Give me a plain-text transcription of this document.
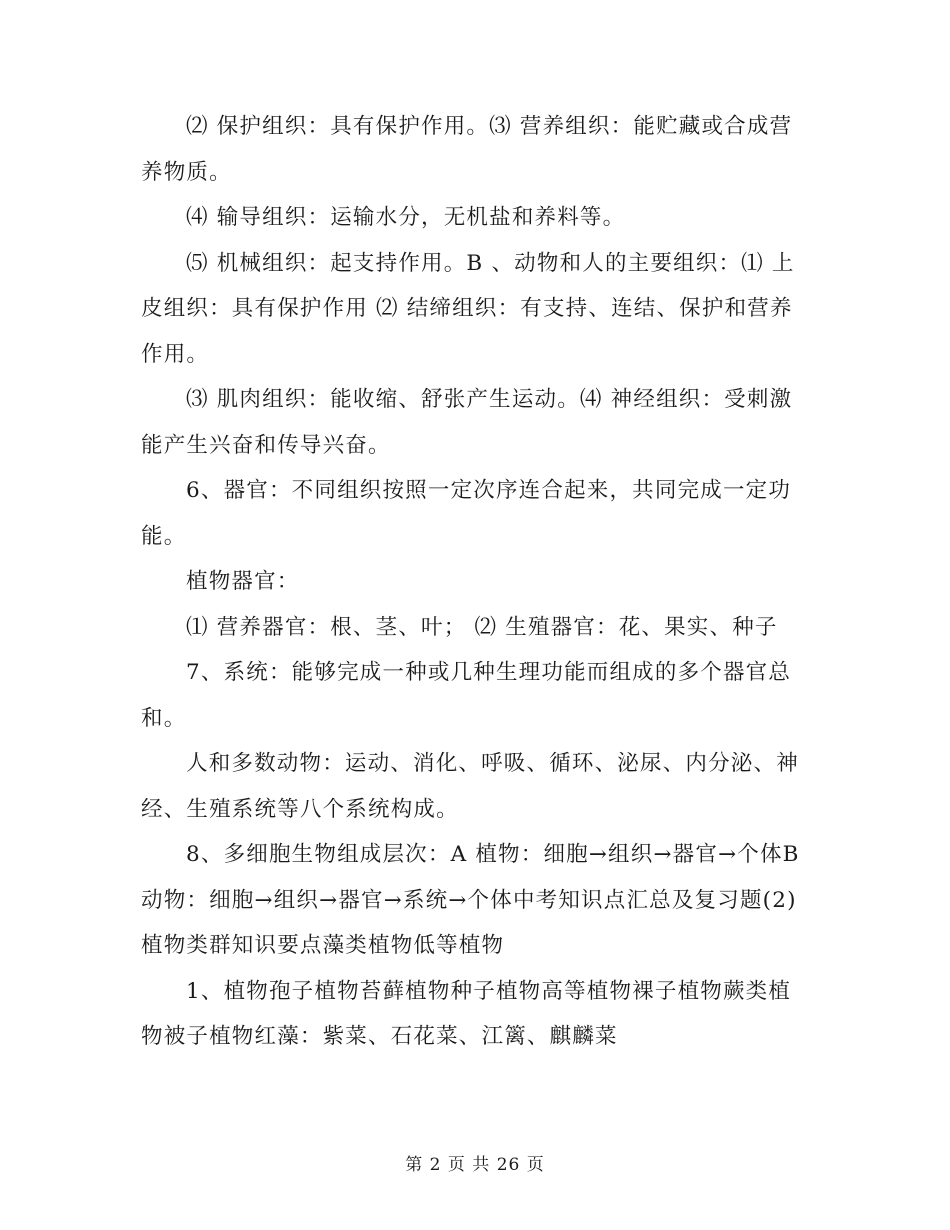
⑵ 保护组织：具有保护作用。⑶ 营养组织：能贮藏或合成营养物质。

⑷ 输导组织：运输水分，无机盐和养料等。

⑸ 机械组织：起支持作用。B 、动物和人的主要组织：⑴ 上皮组织：具有保护作用 ⑵ 结缔组织：有支持、连结、保护和营养作用。

⑶ 肌肉组织：能收缩、舒张产生运动。⑷ 神经组织：受刺激能产生兴奋和传导兴奋。

6、器官：不同组织按照一定次序连合起来，共同完成一定功能。

植物器官：

⑴ 营养器官：根、茎、叶； ⑵ 生殖器官：花、果实、种子

7、系统：能够完成一种或几种生理功能而组成的多个器官总和。

人和多数动物：运动、消化、呼吸、循环、泌尿、内分泌、神经、生殖系统等八个系统构成。

8、多细胞生物组成层次：A 植物：细胞→组织→器官→个体B 动物：细胞→组织→器官→系统→个体中考知识点汇总及复习题(2)植物类群知识要点藻类植物低等植物

1、植物孢子植物苔藓植物种子植物高等植物裸子植物蕨类植物被子植物红藻：紫菜、石花菜、江篱、麒麟菜

第 2 页 共 26 页
